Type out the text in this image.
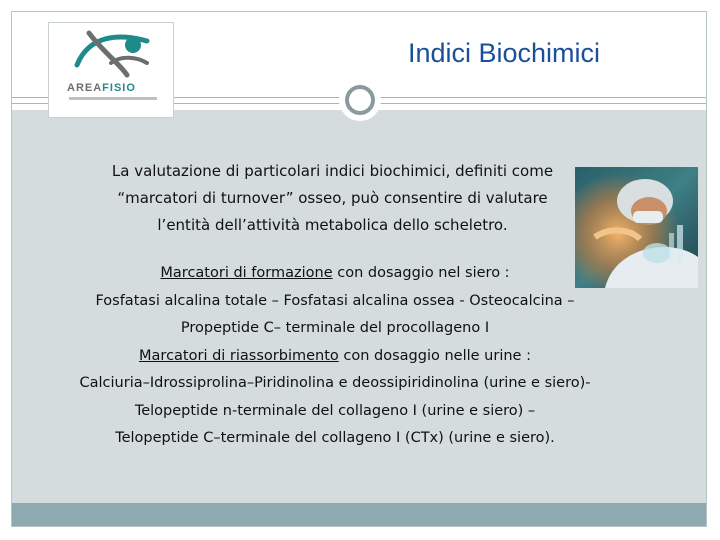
AREAFISIO
Indici Biochimici
La valutazione di particolari indici biochimici, definiti come
“marcatori di turnover” osseo, può consentire di valutare
l’entità dell’attività metabolica dello scheletro.
Marcatori di formazione con dosaggio nel siero :
Fosfatasi alcalina totale – Fosfatasi alcalina ossea - Osteocalcina –
Propeptide C– terminale del procollageno I
Marcatori di riassorbimento con dosaggio nelle urine :
Calciuria–Idrossiprolina–Piridinolina e deossipiridinolina (urine e siero)-
Telopeptide n-terminale del collageno I (urine e siero) –
Telopeptide C–terminale del collageno I (CTx) (urine e siero).
